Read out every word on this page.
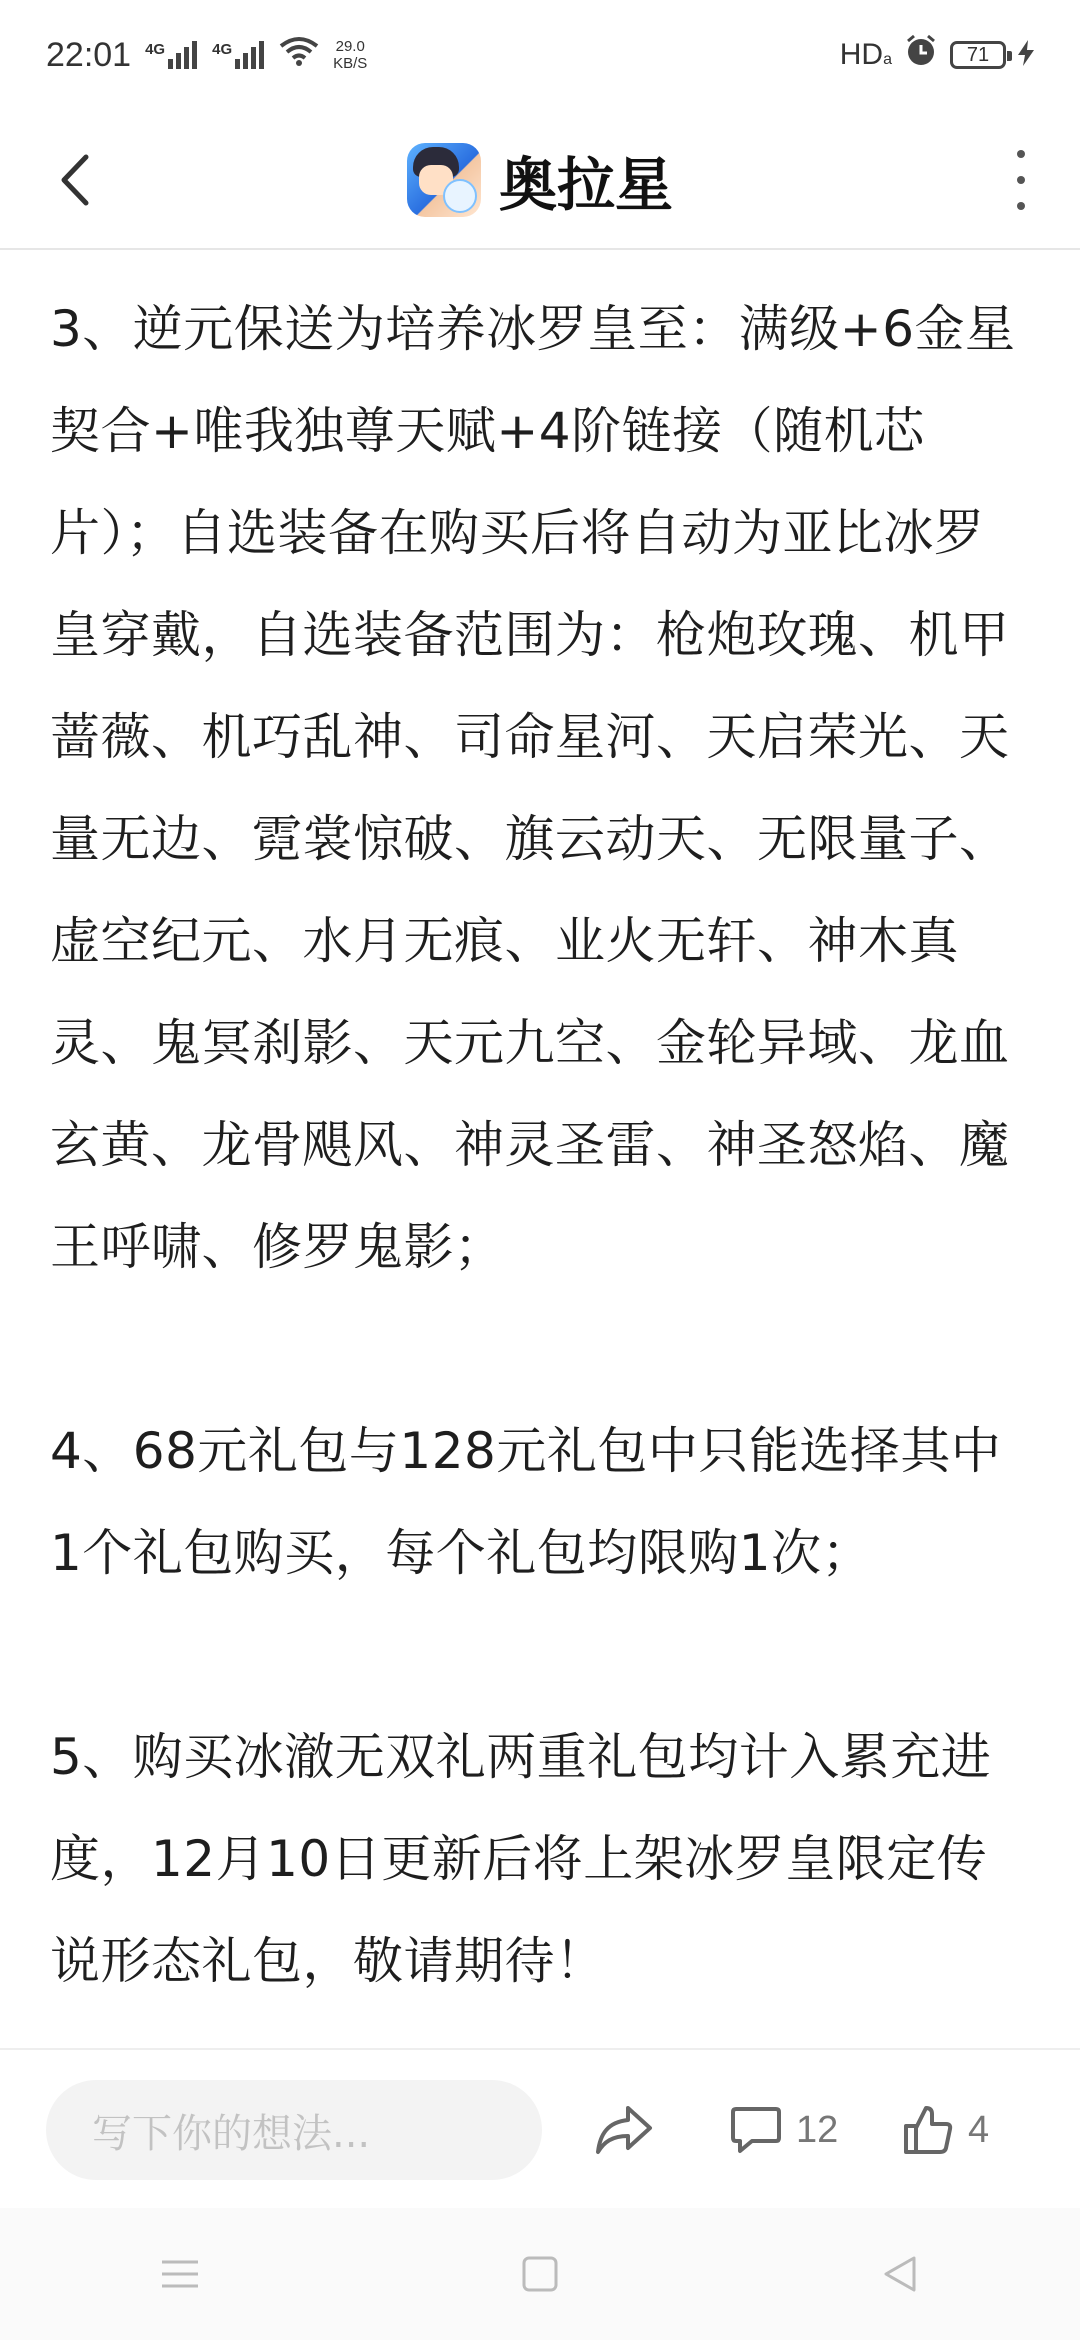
22:01 4G	4G	29.0
KB/S	HDa	71
奥拉星

3、逆元保送为培养冰罗皇至：满级+6金星契合+唯我独尊天赋+4阶链接（随机芯片）；自选装备在购买后将自动为亚比冰罗皇穿戴，自选装备范围为：枪炮玫瑰、机甲蔷薇、机巧乱神、司命星河、天启荣光、天量无边、霓裳惊破、旗云动天、无限量子、虚空纪元、水月无痕、业火无轩、神木真灵、鬼冥刹影、天元九空、金轮异域、龙血玄黄、龙骨飓风、神灵圣雷、神圣怒焰、魔王呼啸、修罗鬼影；

4、68元礼包与128元礼包中只能选择其中1个礼包购买，每个礼包均限购1次；

5、购买冰澈无双礼两重礼包均计入累充进度，12月10日更新后将上架冰罗皇限定传说形态礼包，敬请期待！

写下你的想法...	12	4
